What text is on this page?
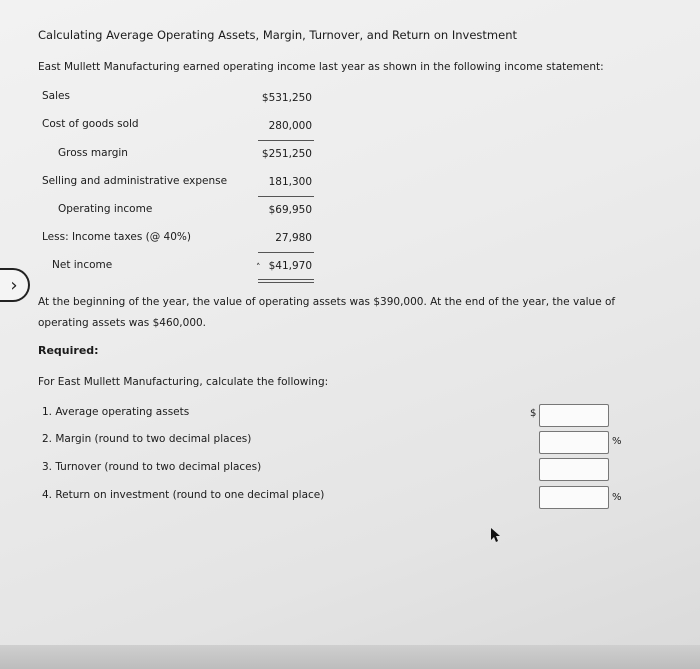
Calculating Average Operating Assets, Margin, Turnover, and Return on Investment
East Mullett Manufacturing earned operating income last year as shown in the following income statement:
Sales	$531,250
Cost of goods sold	280,000
Gross margin	$251,250
Selling and administrative expense	181,300
Operating income	$69,950
Less: Income taxes (@ 40%)	27,980
Net income	$41,970
˄
›
At the beginning of the year, the value of operating assets was $390,000. At the end of the year, the value of operating assets was $460,000.
Required:
For East Mullett Manufacturing, calculate the following:
1. Average operating assets	$
2. Margin (round to two decimal places)	%
3. Turnover (round to two decimal places)
4. Return on investment (round to one decimal place)	%
